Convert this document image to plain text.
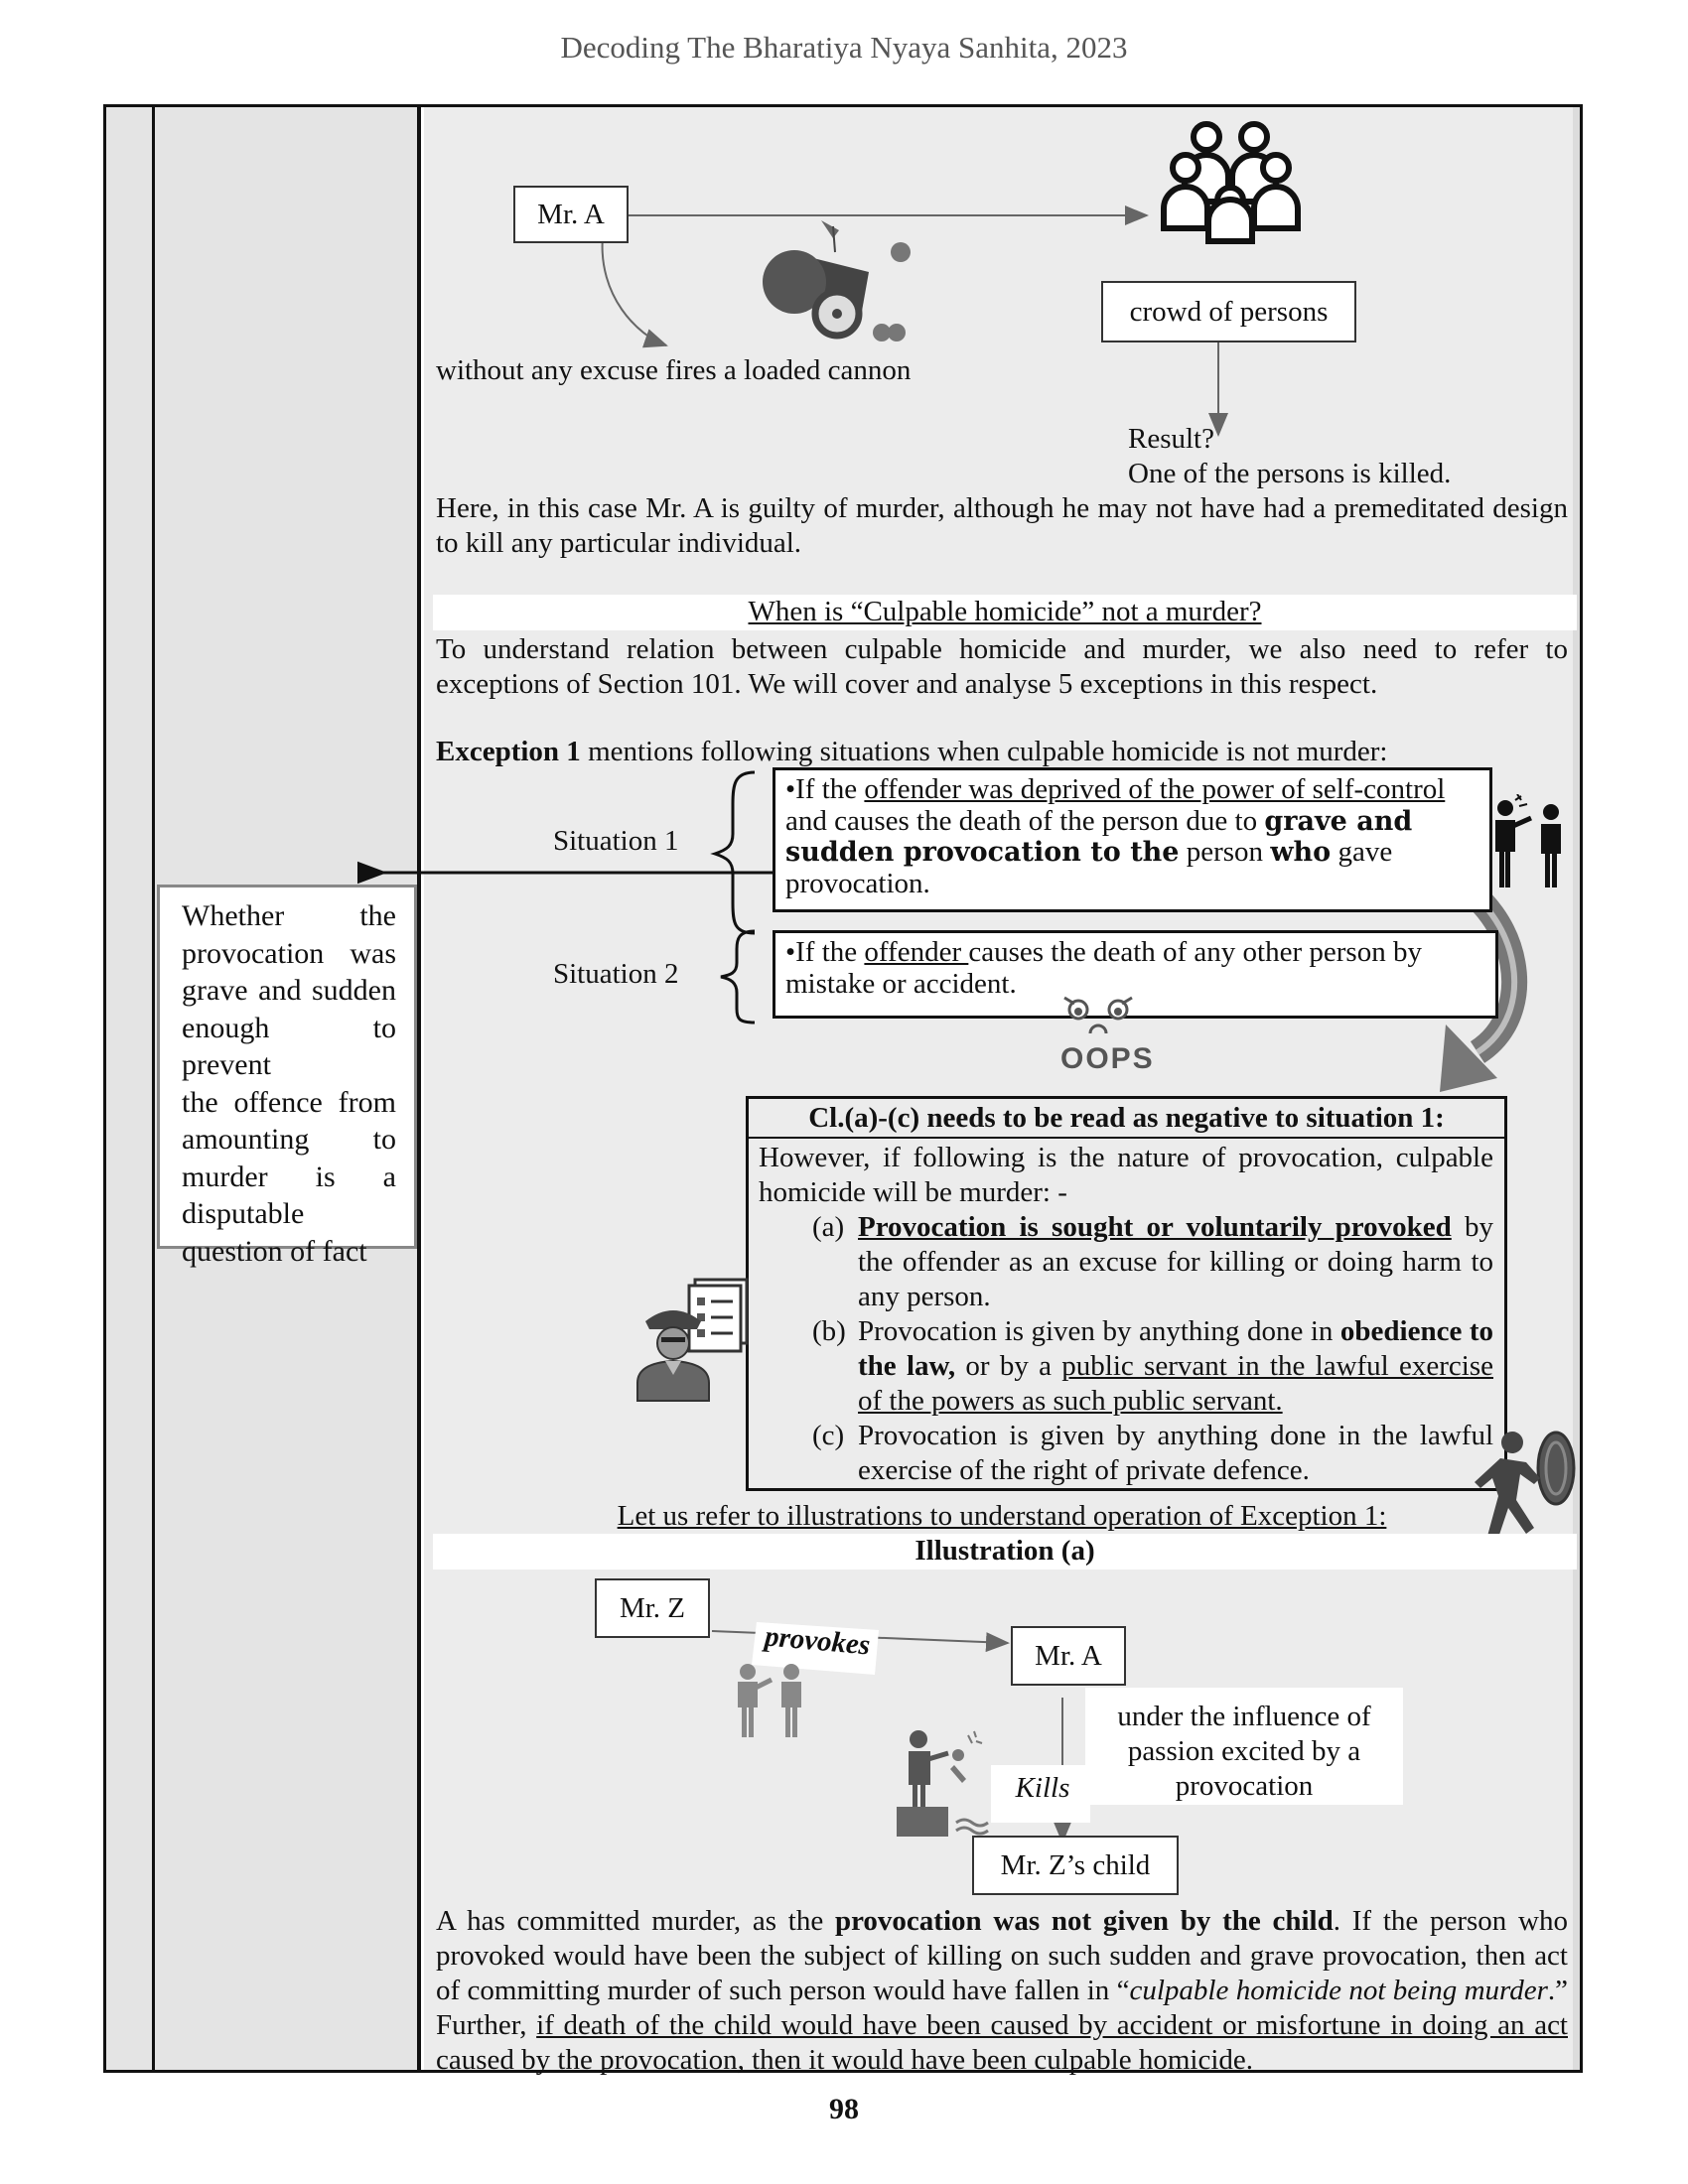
Decoding The Bharatiya Nyaya Sanhita, 2023
Whether the
provocation was
grave and sudden
enough to prevent
the offence from
amounting to
murder is a
disputable
question of fact
Mr. A
crowd of persons
without any excuse fires a loaded cannon
Result?
One of the persons is killed.
Here, in this case Mr. A is guilty of murder, although he may not have had a premeditated design to kill any particular individual.
When is “Culpable homicide” not a murder?
To understand relation between culpable homicide and murder, we also need to refer to exceptions of Section 101. We will cover and analyse 5 exceptions in this respect.
Exception 1 mentions following situations when culpable homicide is not murder:
Situation 1
Situation 2
•If the offender was deprived of the power of self-control and causes the death of the person due to grave and sudden provocation to the person who gave provocation.
•If the offender causes the death of any other person by mistake or accident.
OOPS
Cl.(a)-(c) needs to be read as negative to situation 1:
However, if following is the nature of provocation, culpable homicide will be murder: -
(a) Provocation is sought or voluntarily provoked by the offender as an excuse for killing or doing harm to any person.
(b) Provocation is given by anything done in obedience to the law, or by a public servant in the lawful exercise of the powers as such public servant.
(c) Provocation is given by anything done in the lawful exercise of the right of private defence.
Let us refer to illustrations to understand operation of Exception 1:
Illustration (a)
Mr. Z
provokes	Mr. A
under the influence of passion excited by a provocation
Kills
Mr. Z’s child
A has committed murder, as the provocation was not given by the child. If the person who provoked would have been the subject of killing on such sudden and grave provocation, then act of committing murder of such person would have fallen in “culpable homicide not being murder.” Further, if death of the child would have been caused by accident or misfortune in doing an act caused by the provocation, then it would have been culpable homicide.
98
